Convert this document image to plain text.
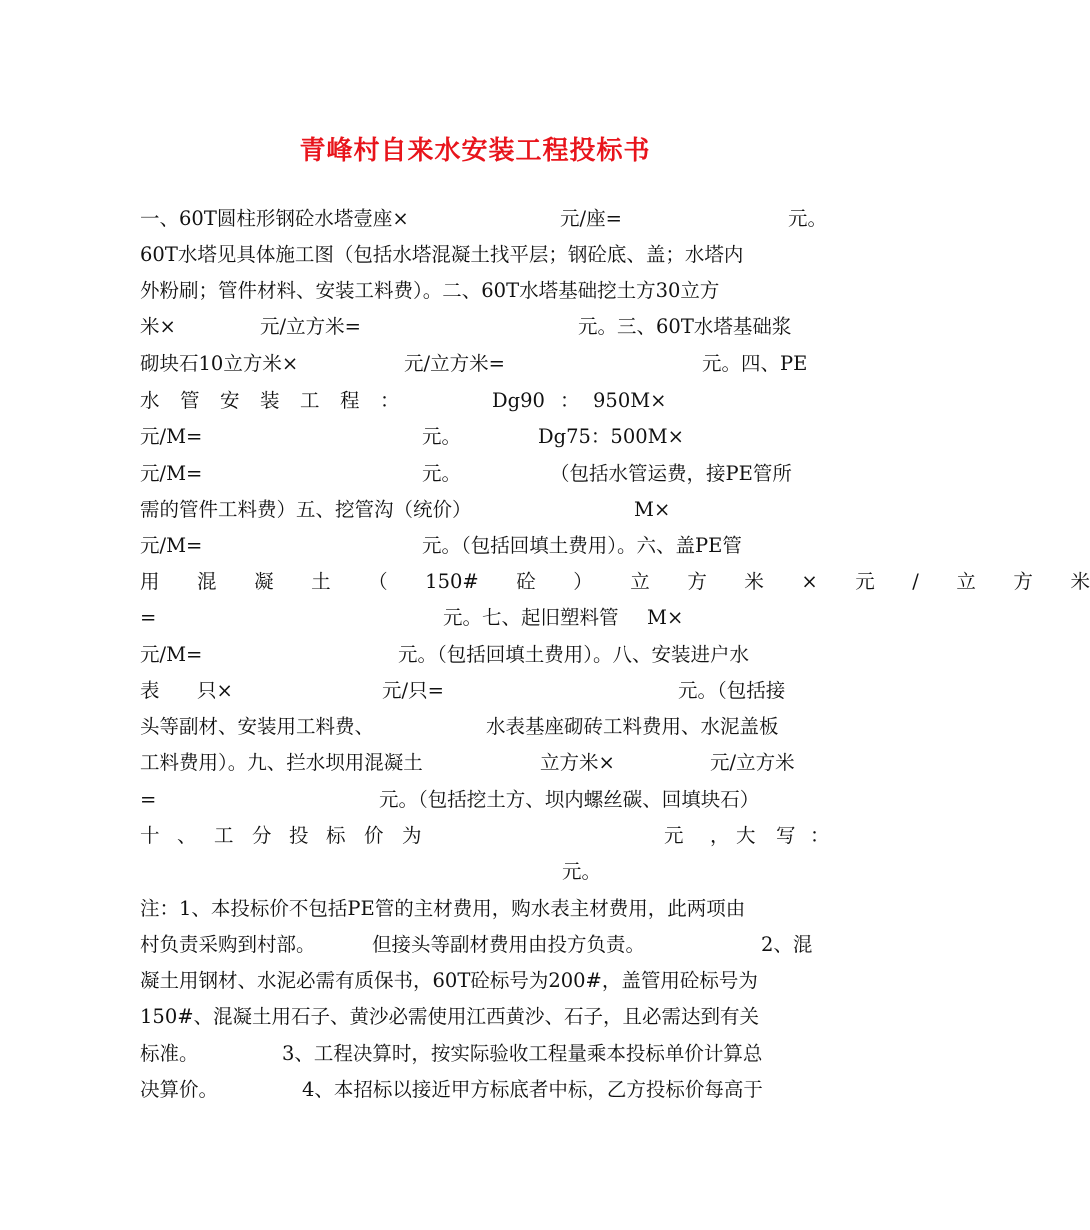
青峰村自来水安装工程投标书
一、60T圆柱形钢砼水塔壹座×	元/座=	元。
60T水塔见具体施工图（包括水塔混凝土找平层；钢砼底、盖；水塔内
外粉刷；管件材料、安装工料费）。二、60T水塔基础挖土方30立方
米×	元/立方米=	元。三、60T水塔基础浆
砌块石10立方米×	元/立方米=	元。四、PE
水 管 安 装 工 程 ：	Dg90 ： 950M×
元/M=	元。	Dg75：500M×
元/M=	元。	（包括水管运费，接PE管所
需的管件工料费）五、挖管沟（统价）	M×
元/M=	元。（包括回填土费用）。六、盖PE管
用 混 凝 土 （ 150# 砼 ） 立 方 米 × 元 / 立 方 米
=	元。七、起旧塑料管 M×
元/M=	元。（包括回填土费用）。八、安装进户水
表 只×	元/只=	元。（包括接
头等副材、安装用工料费、	水表基座砌砖工料费用、水泥盖板
工料费用）。九、拦水坝用混凝土	立方米×	元/立方米
=	元。（包括挖土方、坝内螺丝碳、回填块石）
十 、 工 分 投 标 价 为	元 ， 大 写 ：
元。
注：1、本投标价不包括PE管的主材费用，购水表主材费用，此两项由
村负责采购到村部。	但接头等副材费用由投方负责。	2、混
凝土用钢材、水泥必需有质保书，60T砼标号为200#，盖管用砼标号为
150#、混凝土用石子、黄沙必需使用江西黄沙、石子，且必需达到有关
标准。	3、工程决算时，按实际验收工程量乘本投标单价计算总
决算价。	4、本招标以接近甲方标底者中标，乙方投标价每高于
